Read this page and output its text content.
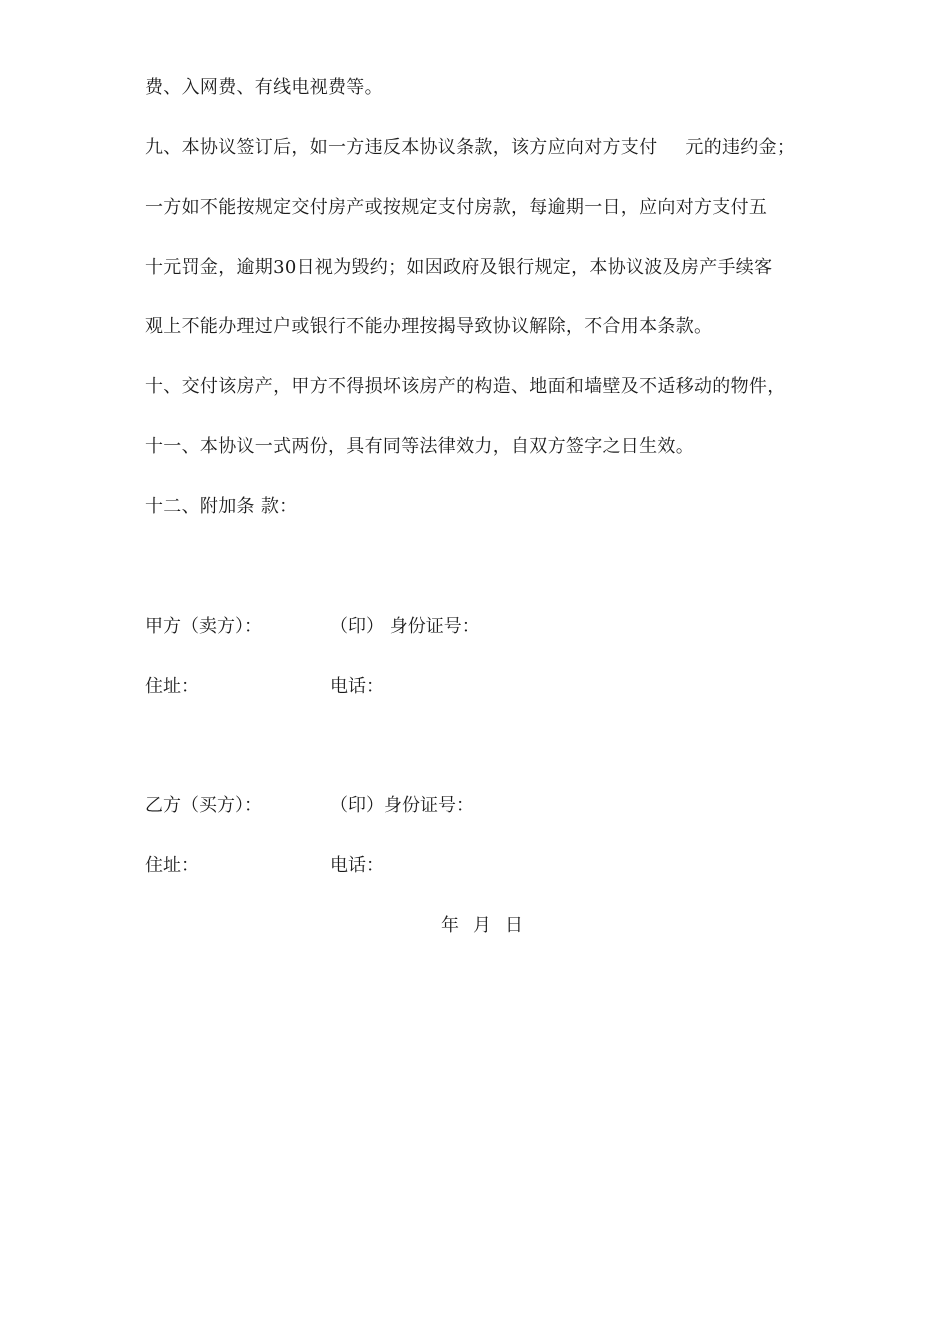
费、入网费、有线电视费等。
九、本协议签订后，如一方违反本协议条款，该方应向对方支付 元的违约金；
一方如不能按规定交付房产或按规定支付房款，每逾期一日，应向对方支付五
十元罚金，逾期30日视为毁约；如因政府及银行规定，本协议波及房产手续客
观上不能办理过户或银行不能办理按揭导致协议解除，不合用本条款。
十、交付该房产，甲方不得损坏该房产的构造、地面和墙壁及不适移动的物件，
十一、本协议一式两份，具有同等法律效力，自双方签字之日生效。
十二、附加条 款：
甲方（卖方）：	（印） 身份证号：
住址：	电话：
乙方（买方）：	（印）身份证号：
住址：	电话：
年 月 日
